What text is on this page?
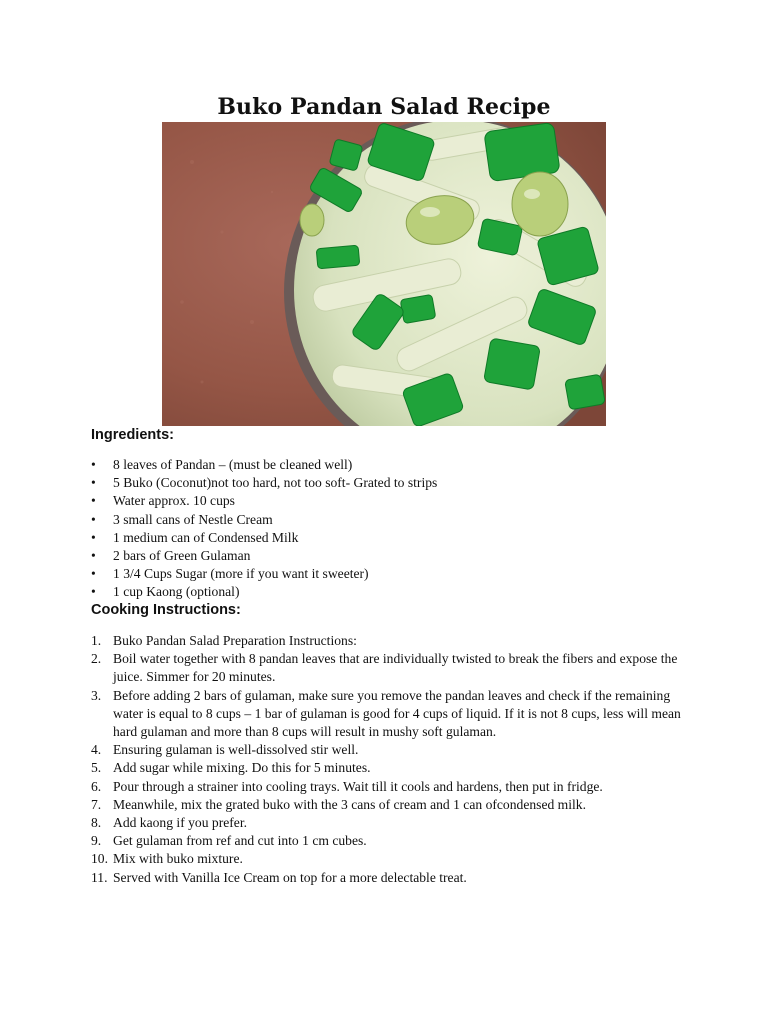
Buko Pandan Salad Recipe
Ingredients:
• 8 leaves of Pandan – (must be cleaned well)
• 5 Buko (Coconut)not too hard, not too soft- Grated to strips
• Water approx. 10 cups
• 3 small cans of Nestle Cream
• 1 medium can of Condensed Milk
• 2 bars of Green Gulaman
• 1 3/4 Cups Sugar (more if you want it sweeter)
• 1 cup Kaong (optional)
Cooking Instructions:
1. Buko Pandan Salad Preparation Instructions:
2. Boil water together with 8 pandan leaves that are individually twisted to break the fibers and expose the juice. Simmer for 20 minutes.
3. Before adding 2 bars of gulaman, make sure you remove the pandan leaves and check if the remaining water is equal to 8 cups – 1 bar of gulaman is good for 4 cups of liquid. If it is not 8 cups, less will mean hard gulaman and more than 8 cups will result in mushy soft gulaman.
4. Ensuring gulaman is well-dissolved stir well.
5. Add sugar while mixing. Do this for 5 minutes.
6. Pour through a strainer into cooling trays. Wait till it cools and hardens, then put in fridge.
7. Meanwhile, mix the grated buko with the 3 cans of cream and 1 can ofcondensed milk.
8. Add kaong if you prefer.
9. Get gulaman from ref and cut into 1 cm cubes.
10. Mix with buko mixture.
11. Served with Vanilla Ice Cream on top for a more delectable treat.
